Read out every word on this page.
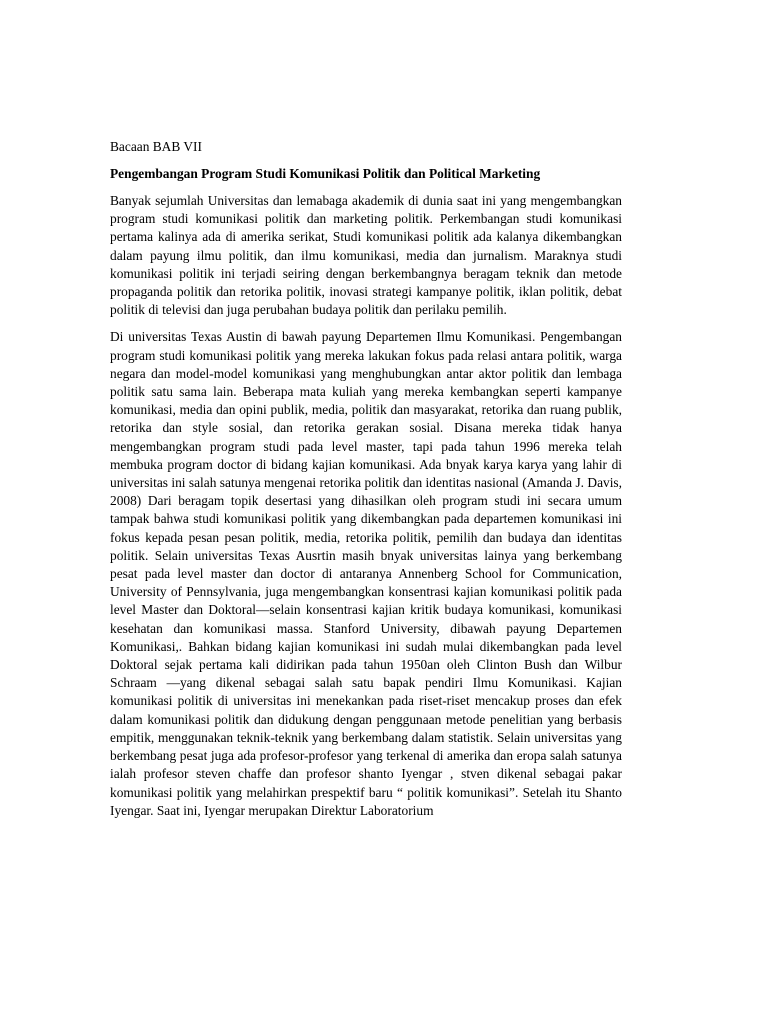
Bacaan BAB VII

Pengembangan Program Studi Komunikasi Politik dan Political Marketing

Banyak sejumlah Universitas dan lemabaga akademik di dunia saat ini yang mengembangkan program studi komunikasi politik dan marketing politik. Perkembangan studi komunikasi pertama kalinya ada di amerika serikat, Studi komunikasi politik ada kalanya dikembangkan dalam payung ilmu politik, dan ilmu komunikasi, media dan jurnalism. Maraknya studi komunikasi politik ini terjadi seiring dengan berkembangnya beragam teknik dan metode propaganda politik dan retorika politik, inovasi strategi kampanye politik, iklan politik, debat politik di televisi dan juga perubahan budaya politik dan perilaku pemilih.

Di universitas Texas Austin di bawah payung Departemen Ilmu Komunikasi. Pengembangan program studi komunikasi politik yang mereka lakukan fokus pada relasi antara politik, warga negara dan model-model komunikasi yang menghubungkan antar aktor politik dan lembaga politik satu sama lain. Beberapa mata kuliah yang mereka kembangkan seperti kampanye komunikasi, media dan opini publik, media, politik dan masyarakat, retorika dan ruang publik, retorika dan style sosial, dan retorika gerakan sosial. Disana mereka tidak hanya mengembangkan program studi pada level master, tapi pada tahun 1996 mereka telah membuka program doctor di bidang kajian komunikasi. Ada bnyak karya karya yang lahir di universitas ini salah satunya mengenai retorika politik dan identitas nasional (Amanda J. Davis, 2008) Dari beragam topik desertasi yang dihasilkan oleh program studi ini secara umum tampak bahwa studi komunikasi politik yang dikembangkan pada departemen komunikasi ini fokus kepada pesan pesan politik, media, retorika politik, pemilih dan budaya dan identitas politik. Selain universitas Texas Ausrtin masih bnyak universitas lainya yang berkembang pesat pada level master dan doctor di antaranya Annenberg School for Communication, University of Pennsylvania, juga mengembangkan konsentrasi kajian komunikasi politik pada level Master dan Doktoral—selain konsentrasi kajian kritik budaya komunikasi, komunikasi kesehatan dan komunikasi massa. Stanford University, dibawah payung Departemen Komunikasi,. Bahkan bidang kajian komunikasi ini sudah mulai dikembangkan pada level Doktoral sejak pertama kali didirikan pada tahun 1950an oleh Clinton Bush dan Wilbur Schraam —yang dikenal sebagai salah satu bapak pendiri Ilmu Komunikasi. Kajian komunikasi politik di universitas ini menekankan pada riset-riset mencakup proses dan efek dalam komunikasi politik dan didukung dengan penggunaan metode penelitian yang berbasis empitik, menggunakan teknik-teknik yang berkembang dalam statistik. Selain universitas yang berkembang pesat juga ada profesor-profesor yang terkenal di amerika dan eropa salah satunya ialah profesor steven chaffe dan profesor shanto Iyengar , stven dikenal sebagai pakar komunikasi politik yang melahirkan prespektif baru “ politik komunikasi”. Setelah itu Shanto Iyengar. Saat ini, Iyengar merupakan Direktur Laboratorium
